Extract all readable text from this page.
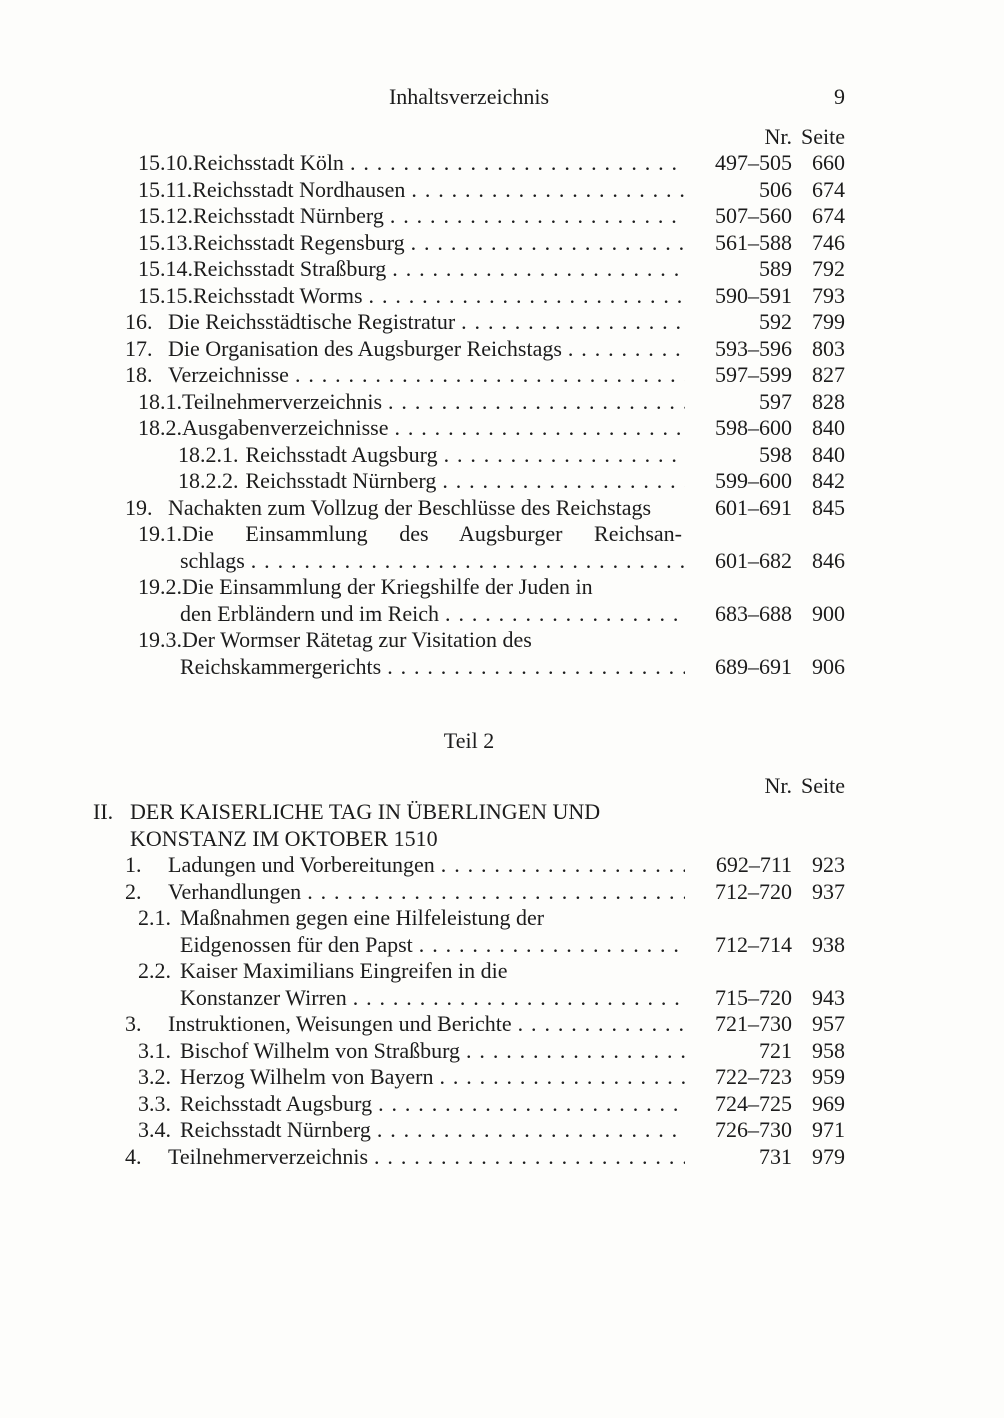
Inhaltsverzeichnis	9
Nr. Seite
15.10. Reichsstadt Köln . . .	497–505 660
15.11. Reichsstadt Nordhausen . . .	506 674
15.12. Reichsstadt Nürnberg . . .	507–560 674
15.13. Reichsstadt Regensburg . . .	561–588 746
15.14. Reichsstadt Straßburg . . .	589 792
15.15. Reichsstadt Worms . . .	590–591 793
16. Die Reichsstädtische Registratur . . .	592 799
17. Die Organisation des Augsburger Reichstags . . .	593–596 803
18. Verzeichnisse . . .	597–599 827
18.1. Teilnehmerverzeichnis . . .	597 828
18.2. Ausgabenverzeichnisse . . .	598–600 840
18.2.1. Reichsstadt Augsburg . . .	598 840
18.2.2. Reichsstadt Nürnberg . . .	599–600 842
19. Nachakten zum Vollzug der Beschlüsse des Reichstags	601–691 845
19.1. Die Einsammlung des Augsburger Reichsan-
schlags . . .	601–682 846
19.2. Die Einsammlung der Kriegshilfe der Juden in
den Erbländern und im Reich . . .	683–688 900
19.3. Der Wormser Rätetag zur Visitation des
Reichskammergerichts . . .	689–691 906
Teil 2
Nr. Seite
II. DER KAISERLICHE TAG IN ÜBERLINGEN UND
KONSTANZ IM OKTOBER 1510
1.	Ladungen und Vorbereitungen . . .	692–711 923
2.	Verhandlungen . . .	712–720 937
2.1. Maßnahmen gegen eine Hilfeleistung der
Eidgenossen für den Papst . . .	712–714 938
2.2. Kaiser Maximilians Eingreifen in die
Konstanzer Wirren . . .	715–720 943
3.	Instruktionen, Weisungen und Berichte . . .	721–730 957
3.1. Bischof Wilhelm von Straßburg . . .	721 958
3.2. Herzog Wilhelm von Bayern . . .	722–723 959
3.3. Reichsstadt Augsburg . . .	724–725 969
3.4. Reichsstadt Nürnberg . . .	726–730 971
4.	Teilnehmerverzeichnis . . .	731 979
